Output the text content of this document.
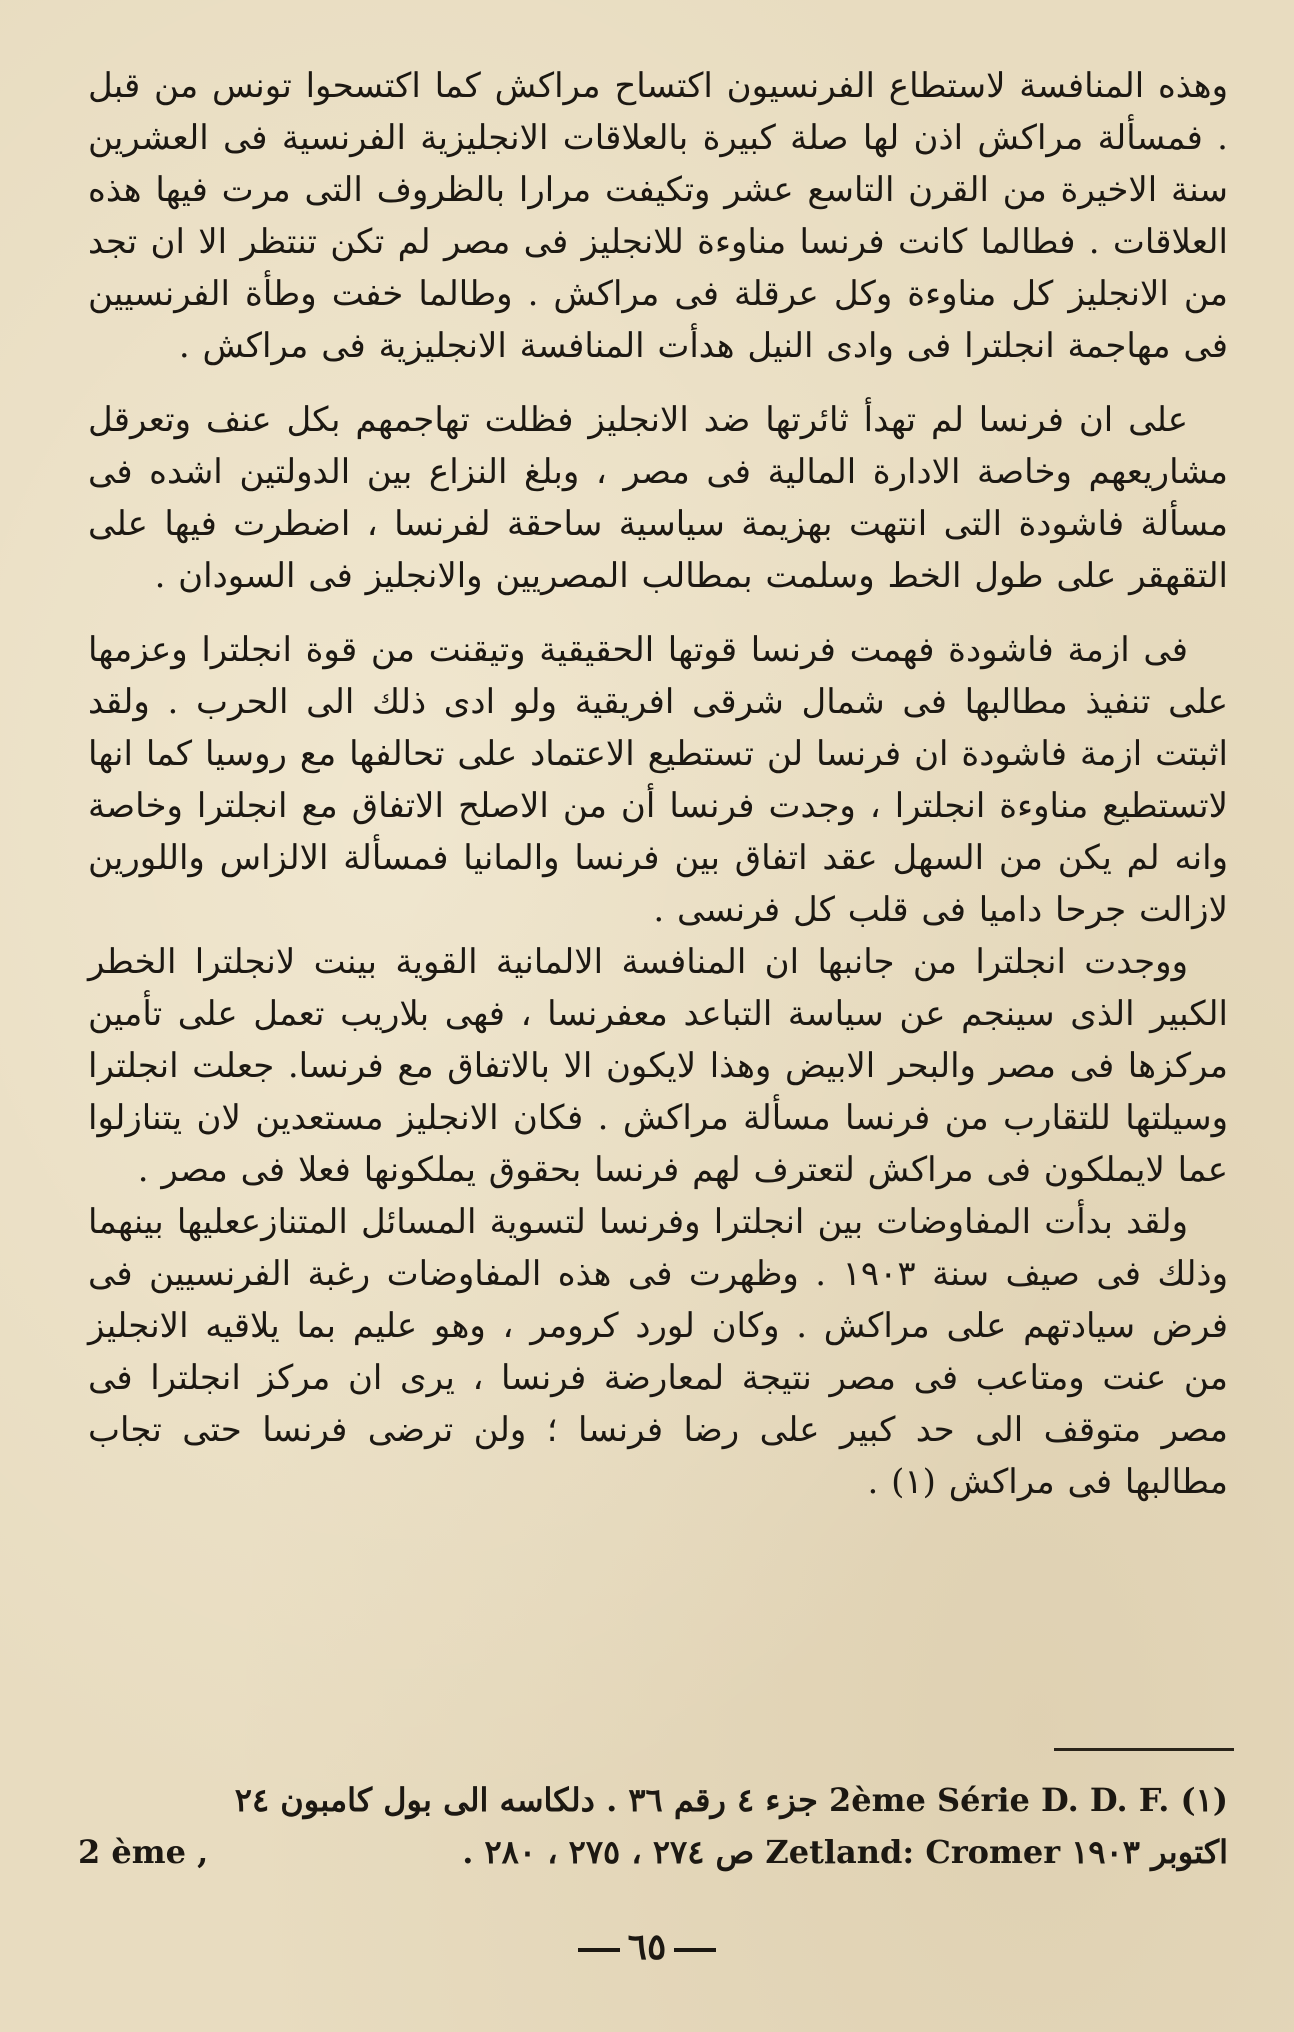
وهذه المنافسة لاستطاع الفرنسيون اكتساح مراكش كما اكتسحوا تونس من قبل . فمسألة مراكش اذن لها صلة كبيرة بالعلاقات الانجليزية الفرنسية فى العشرين سنة الاخيرة من القرن التاسع عشر وتكيفت مرارا بالظروف التى مرت فيها هذه العلاقات . فطالما كانت فرنسا مناوءة للانجليز فى مصر لم تكن تنتظر الا ان تجد من الانجليز كل مناوءة وكل عرقلة فى مراكش . وطالما خفت وطأة الفرنسيين فى مهاجمة انجلترا فى وادى النيل هدأت المنافسة الانجليزية فى مراكش .

على ان فرنسا لم تهدأ ثائرتها ضد الانجليز فظلت تهاجمهم بكل عنف وتعرقل مشاريعهم وخاصة الادارة المالية فى مصر ، وبلغ النزاع بين الدولتين اشده فى مسألة فاشودة التى انتهت بهزيمة سياسية ساحقة لفرنسا ، اضطرت فيها على التقهقر على طول الخط وسلمت بمطالب المصريين والانجليز فى السودان .

فى ازمة فاشودة فهمت فرنسا قوتها الحقيقية وتيقنت من قوة انجلترا وعزمها على تنفيذ مطالبها فى شمال شرقى افريقية ولو ادى ذلك الى الحرب . ولقد اثبتت ازمة فاشودة ان فرنسا لن تستطيع الاعتماد على تحالفها مع روسيا كما انها لاتستطيع مناوءة انجلترا ، وجدت فرنسا أن من الاصلح الاتفاق مع انجلترا وخاصة وانه لم يكن من السهل عقد اتفاق بين فرنسا والمانيا فمسألة الالزاس واللورين لازالت جرحا داميا فى قلب كل فرنسى .

ووجدت انجلترا من جانبها ان المنافسة الالمانية القوية بينت لانجلترا الخطر الكبير الذى سينجم عن سياسة التباعد معفرنسا ، فهى بلاريب تعمل على تأمين مركزها فى مصر والبحر الابيض وهذا لايكون الا بالاتفاق مع فرنسا. جعلت انجلترا وسيلتها للتقارب من فرنسا مسألة مراكش . فكان الانجليز مستعدين لان يتنازلوا عما لايملكون فى مراكش لتعترف لهم فرنسا بحقوق يملكونها فعلا فى مصر .

ولقد بدأت المفاوضات بين انجلترا وفرنسا لتسوية المسائل المتنازععليها بينهما وذلك فى صيف سنة ١٩٠٣ . وظهرت فى هذه المفاوضات رغبة الفرنسيين فى فرض سيادتهم على مراكش . وكان لورد كرومر ، وهو عليم بما يلاقيه الانجليز من عنت ومتاعب فى مصر نتيجة لمعارضة فرنسا ، يرى ان مركز انجلترا فى مصر متوقف الى حد كبير على رضا فرنسا ؛ ولن ترضى فرنسا حتى تجاب مطالبها فى مراكش (١) .

(١) 2ème Série D. D. F. جزء ٤ رقم ٣٦ . دلكاسه الى بول كامبون ٢٤
اكتوبر ١٩٠٣ Zetland: Cromer ص ٢٧٤ ، ٢٧٥ ، ٢٨٠ .
2 ème ,
٦٥
